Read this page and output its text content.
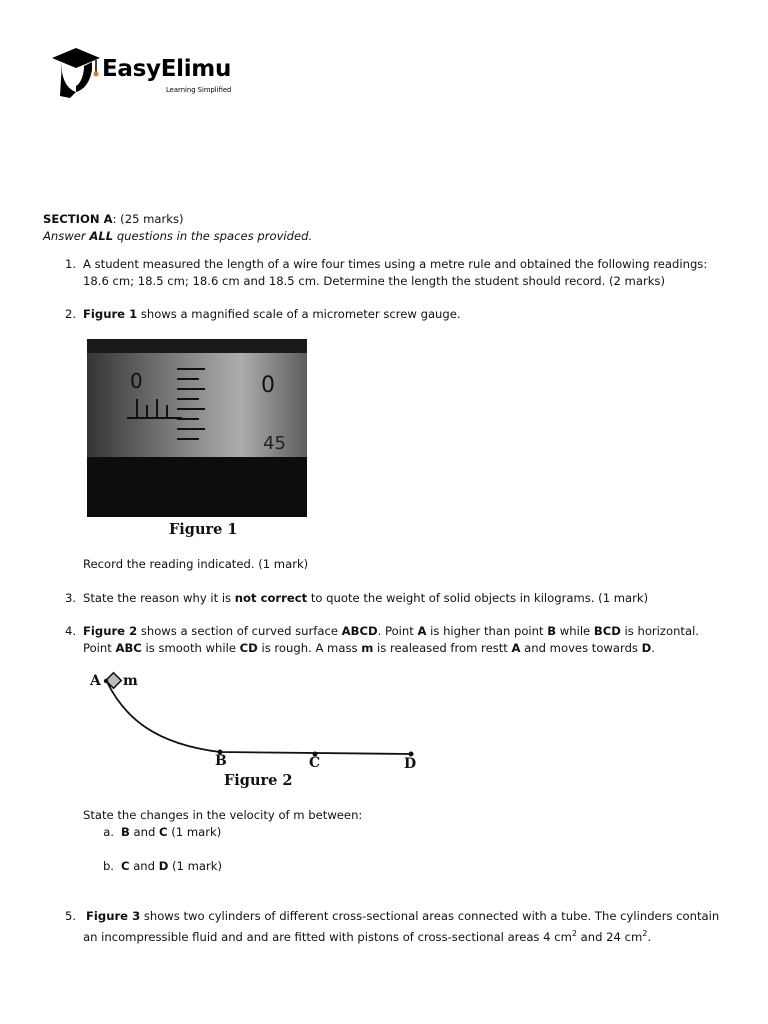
EasyElimu
Learning Simplified
SECTION A: (25 marks)
Answer ALL questions in the spaces provided.
1. A student measured the length of a wire four times using a metre rule and obtained the following readings:
18.6 cm; 18.5 cm; 18.6 cm and 18.5 cm. Determine the length the student should record. (2 marks)
2. Figure 1 shows a magnified scale of a micrometer screw gauge.
0	0
45
Figure 1
Record the reading indicated. (1 mark)
3. State the reason why it is not correct to quote the weight of solid objects in kilograms. (1 mark)
4. Figure 2 shows a section of curved surface ABCD. Point A is higher than point B while BCD is horizontal.
Point ABC is smooth while CD is rough. A mass m is realeased from restt A and moves towards D.
A m
B	C	D
Figure 2
State the changes in the velocity of m between:
a. B and C (1 mark)
b. C and D (1 mark)
5. Figure 3 shows two cylinders of different cross-sectional areas connected with a tube. The cylinders contain
an incompressible fluid and and are fitted with pistons of cross-sectional areas 4 $cm^2$ and 24 $cm^2$.
